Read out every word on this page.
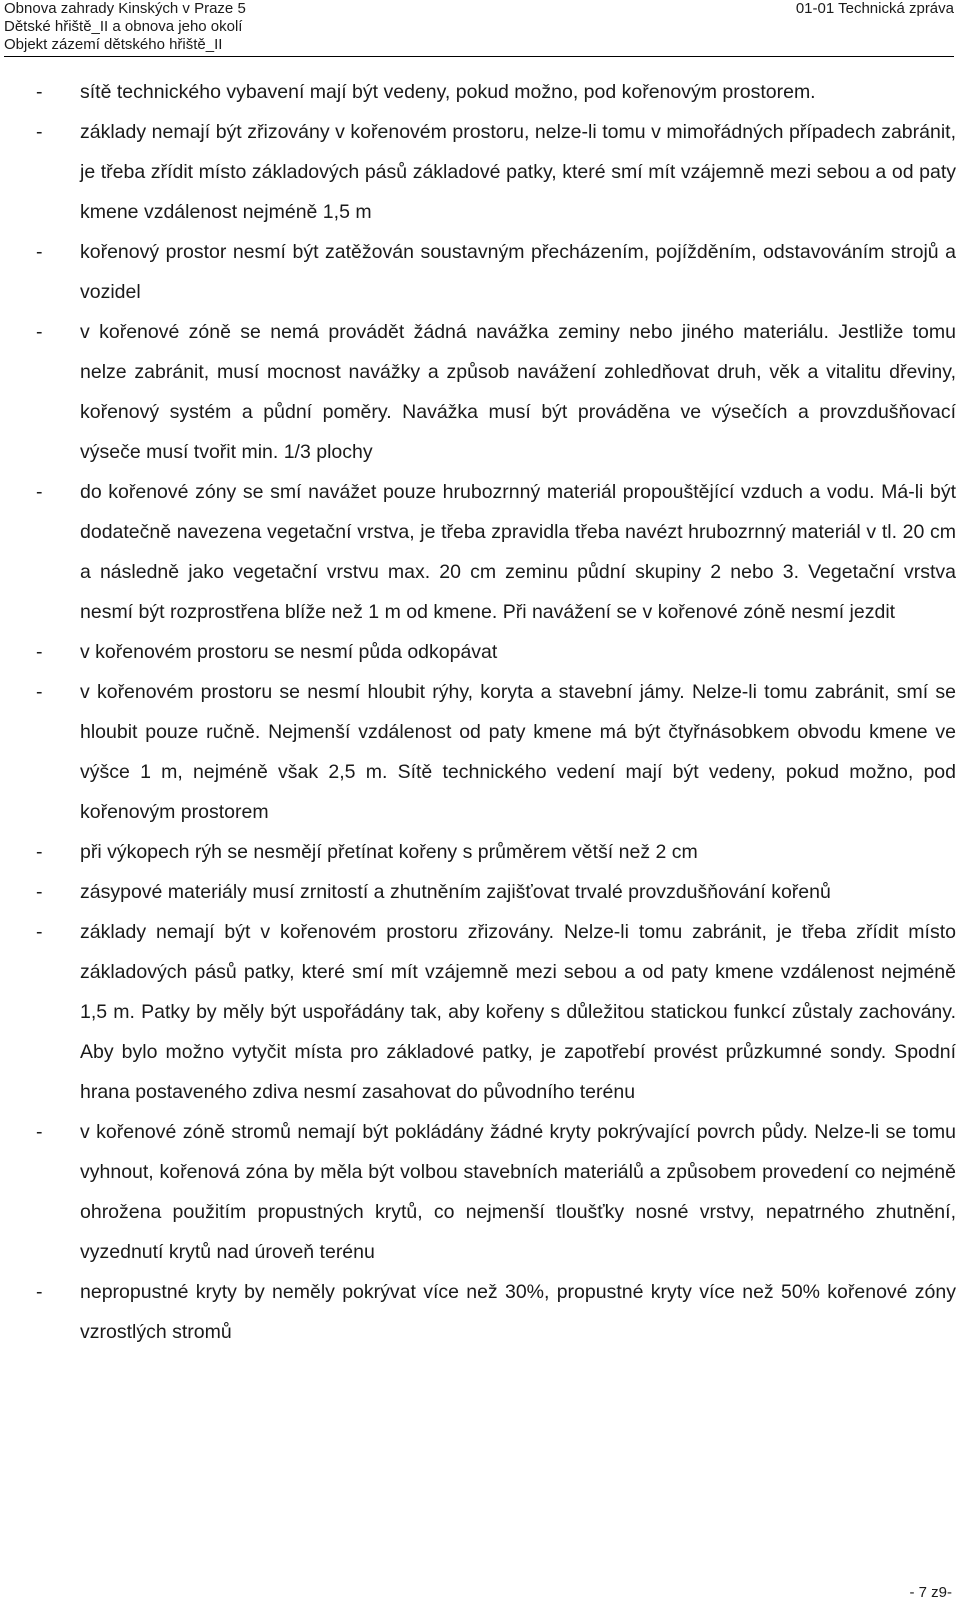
Obnova zahrady Kinských v Praze 5
Dětské hřiště_II a obnova jeho okolí
Objekt zázemí dětského hřiště_II
01-01 Technická zpráva
- sítě technického vybavení mají být vedeny, pokud možno, pod kořenovým prostorem.
- základy nemají být zřizovány v kořenovém prostoru, nelze-li tomu v mimořádných případech zabránit, je třeba zřídit místo základových pásů základové patky, které smí mít vzájemně mezi sebou a od paty kmene vzdálenost nejméně 1,5 m
- kořenový prostor nesmí být zatěžován soustavným přecházením, pojížděním, odstavováním strojů a vozidel
- v kořenové zóně se nemá provádět žádná navážka zeminy nebo jiného materiálu. Jestliže tomu nelze zabránit, musí mocnost navážky a způsob navážení zohledňovat druh, věk a vitalitu dřeviny, kořenový systém a půdní poměry. Navážka musí být prováděna ve výsečích a provzdušňovací výseče musí tvořit min. 1/3 plochy
- do kořenové zóny se smí navážet pouze hrubozrnný materiál propouštějící vzduch a vodu. Má-li být dodatečně navezena vegetační vrstva, je třeba zpravidla třeba navézt hrubozrnný materiál v tl. 20 cm a následně jako vegetační vrstvu max. 20 cm zeminu půdní skupiny 2 nebo 3. Vegetační vrstva nesmí být rozprostřena blíže než 1 m od kmene. Při navážení se v kořenové zóně nesmí jezdit
- v kořenovém prostoru se nesmí půda odkopávat
- v kořenovém prostoru se nesmí hloubit rýhy, koryta a stavební jámy. Nelze-li tomu zabránit, smí se hloubit pouze ručně. Nejmenší vzdálenost od paty kmene má být čtyřnásobkem obvodu kmene ve výšce 1 m, nejméně však 2,5 m. Sítě technického vedení mají být vedeny, pokud možno, pod kořenovým prostorem
- při výkopech rýh se nesmějí přetínat kořeny s průměrem větší než 2 cm
- zásypové materiály musí zrnitostí a zhutněním zajišťovat trvalé provzdušňování kořenů
- základy nemají být v kořenovém prostoru zřizovány. Nelze-li tomu zabránit, je třeba zřídit místo základových pásů patky, které smí mít vzájemně mezi sebou a od paty kmene vzdálenost nejméně 1,5 m. Patky by měly být uspořádány tak, aby kořeny s důležitou statickou funkcí zůstaly zachovány. Aby bylo možno vytyčit místa pro základové patky, je zapotřebí provést průzkumné sondy. Spodní hrana postaveného zdiva nesmí zasahovat do původního terénu
- v kořenové zóně stromů nemají být pokládány žádné kryty pokrývající povrch půdy. Nelze-li se tomu vyhnout, kořenová zóna by měla být volbou stavebních materiálů a způsobem provedení co nejméně ohrožena použitím propustných krytů, co nejmenší tloušťky nosné vrstvy, nepatrného zhutnění, vyzednutí krytů nad úroveň terénu
- nepropustné kryty by neměly pokrývat více než 30%, propustné kryty více než 50% kořenové zóny vzrostlých stromů
- 7 z9-
